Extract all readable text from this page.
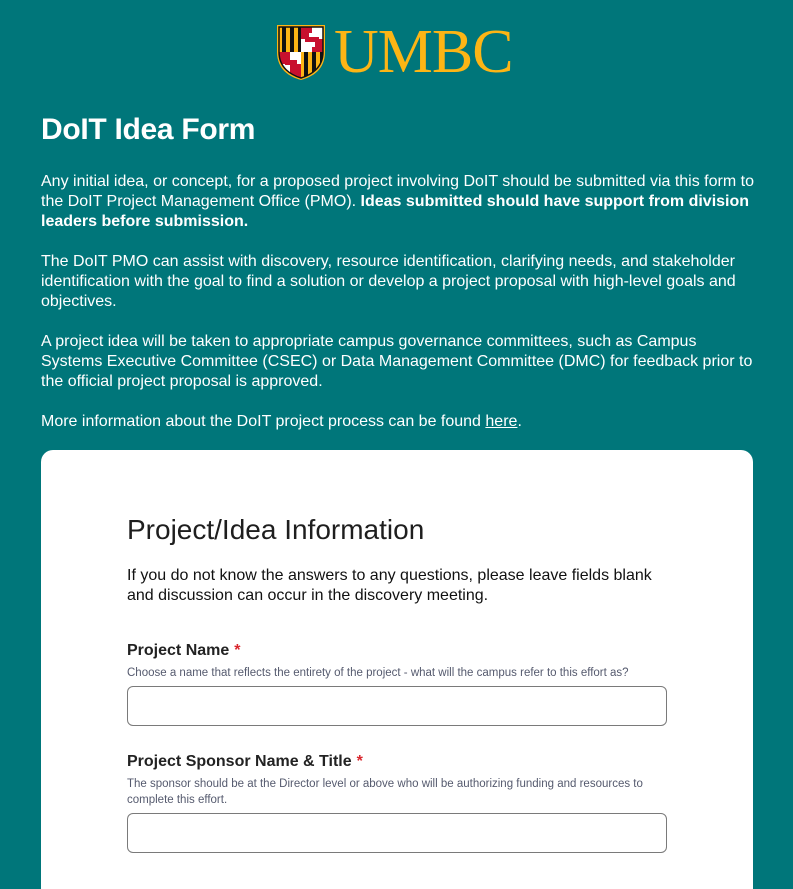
UMBC
DoIT Idea Form

Any initial idea, or concept, for a proposed project involving DoIT should be submitted via this form to the DoIT Project Management Office (PMO). Ideas submitted should have support from division leaders before submission.

The DoIT PMO can assist with discovery, resource identification, clarifying needs, and stakeholder identification with the goal to find a solution or develop a project proposal with high-level goals and objectives.

A project idea will be taken to appropriate campus governance committees, such as Campus Systems Executive Committee (CSEC) or Data Management Committee (DMC) for feedback prior to the official project proposal is approved.

More information about the DoIT project process can be found here.

Project/Idea Information
If you do not know the answers to any questions, please leave fields blank and discussion can occur in the discovery meeting.
Project Name *
Choose a name that reflects the entirety of the project - what will the campus refer to this effort as?
Project Sponsor Name & Title *
The sponsor should be at the Director level or above who will be authorizing funding and resources to complete this effort.
